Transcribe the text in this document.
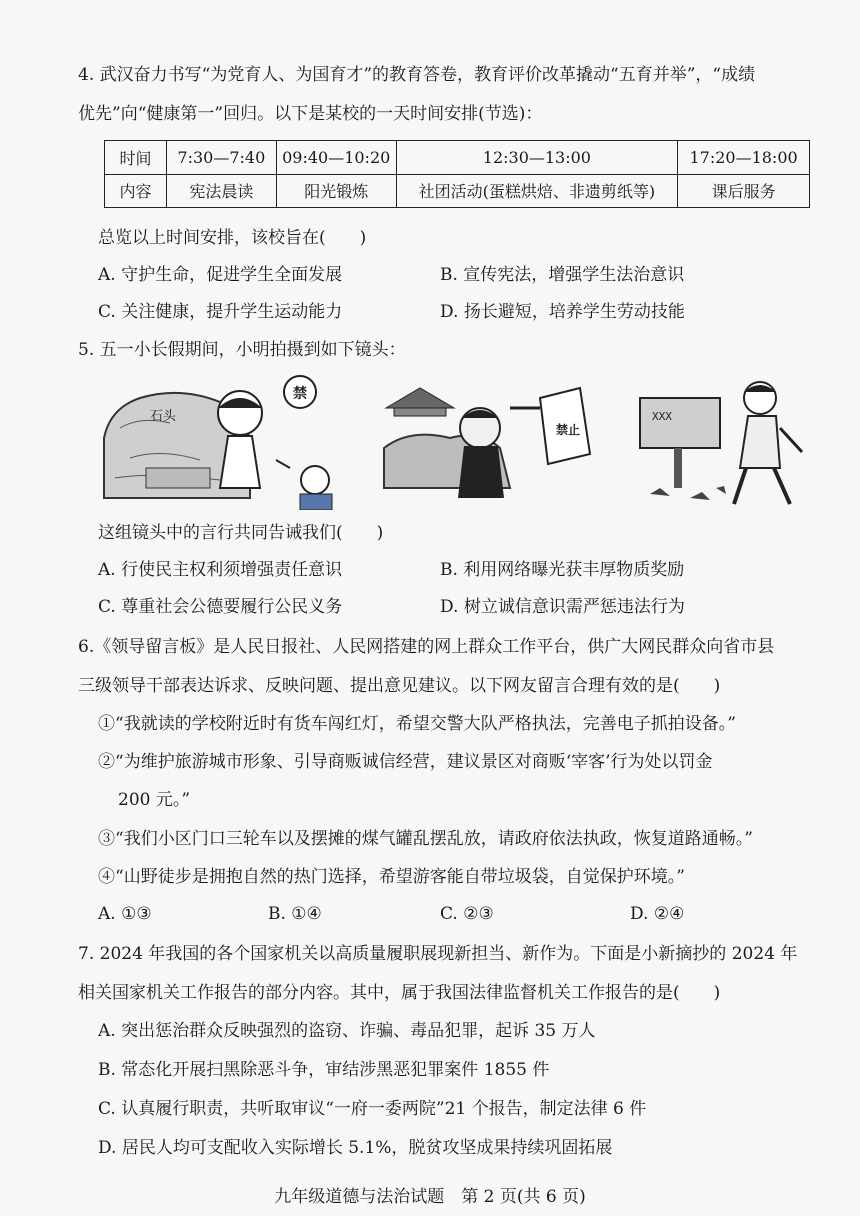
4. 武汉奋力书写“为党育人、为国育才”的教育答卷，教育评价改革撬动“五育并举”，“成绩
优先”向“健康第一”回归。以下是某校的一天时间安排(节选)：
时间	7:30—7:40	09:40—10:20	12:30—13:00	17:20—18:00
内容	宪法晨读	阳光锻炼	社团活动(蛋糕烘焙、非遗剪纸等)	课后服务
总览以上时间安排，该校旨在(　　)
A. 守护生命，促进学生全面发展	B. 宣传宪法，增强学生法治意识
C. 关注健康，提升学生运动能力	D. 扬长避短，培养学生劳动技能
5. 五一小长假期间，小明拍摄到如下镜头：
石头
禁
禁止
XXX
这组镜头中的言行共同告诫我们(　　)
A. 行使民主权利须增强责任意识	B. 利用网络曝光获丰厚物质奖励
C. 尊重社会公德要履行公民义务	D. 树立诚信意识需严惩违法行为
6.《领导留言板》是人民日报社、人民网搭建的网上群众工作平台，供广大网民群众向省市县
三级领导干部表达诉求、反映问题、提出意见建议。以下网友留言合理有效的是(　　)
①“我就读的学校附近时有货车闯红灯，希望交警大队严格执法，完善电子抓拍设备。”
②“为维护旅游城市形象、引导商贩诚信经营，建议景区对商贩‘宰客’行为处以罚金
200 元。”
③“我们小区门口三轮车以及摆摊的煤气罐乱摆乱放，请政府依法执政，恢复道路通畅。”
④“山野徒步是拥抱自然的热门选择，希望游客能自带垃圾袋，自觉保护环境。”
A. ①③	B. ①④	C. ②③	D. ②④
7. 2024 年我国的各个国家机关以高质量履职展现新担当、新作为。下面是小新摘抄的 2024 年
相关国家机关工作报告的部分内容。其中，属于我国法律监督机关工作报告的是(　　)
A. 突出惩治群众反映强烈的盗窃、诈骗、毒品犯罪，起诉 35 万人
B. 常态化开展扫黑除恶斗争，审结涉黑恶犯罪案件 1855 件
C. 认真履行职责，共听取审议“一府一委两院”21 个报告，制定法律 6 件
D. 居民人均可支配收入实际增长 5.1%，脱贫攻坚成果持续巩固拓展
九年级道德与法治试题　第 2 页(共 6 页)
